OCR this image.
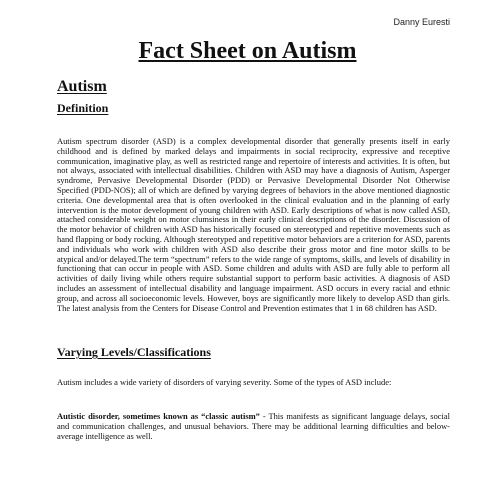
Danny Euresti
Fact Sheet on Autism
Autism
Definition

Autism spectrum disorder (ASD) is a complex developmental disorder that generally presents itself in early childhood and is defined by marked delays and impairments in social reciprocity, expressive and receptive communication, imaginative play, as well as restricted range and repertoire of interests and activities. It is often, but not always, associated with intellectual disabilities. Children with ASD may have a diagnosis of Autism, Asperger syndrome, Pervasive Developmental Disorder (PDD) or Pervasive Developmental Disorder Not Otherwise Specified (PDD-NOS); all of which are defined by varying degrees of behaviors in the above mentioned diagnostic criteria. One developmental area that is often overlooked in the clinical evaluation and in the planning of early intervention is the motor development of young children with ASD. Early descriptions of what is now called ASD, attached considerable weight on motor clumsiness in their early clinical descriptions of the disorder. Discussion of the motor behavior of children with ASD has historically focused on stereotyped and repetitive movements such as hand flapping or body rocking. Although stereotyped and repetitive motor behaviors are a criterion for ASD, parents and individuals who work with children with ASD also describe their gross motor and fine motor skills to be atypical and/or delayed.The term “spectrum” refers to the wide range of symptoms, skills, and levels of disability in functioning that can occur in people with ASD. Some children and adults with ASD are fully able to perform all activities of daily living while others require substantial support to perform basic activities. A diagnosis of ASD includes an assessment of intellectual disability and language impairment. ASD occurs in every racial and ethnic group, and across all socioeconomic levels. However, boys are significantly more likely to develop ASD than girls. The latest analysis from the Centers for Disease Control and Prevention estimates that 1 in 68 children has ASD.

Varying Levels/Classifications

Autism includes a wide variety of disorders of varying severity. Some of the types of ASD include:

Autistic disorder, sometimes known as “classic autism” - This manifests as significant language delays, social and communication challenges, and unusual behaviors. There may be additional learning difficulties and below-average intelligence as well.
